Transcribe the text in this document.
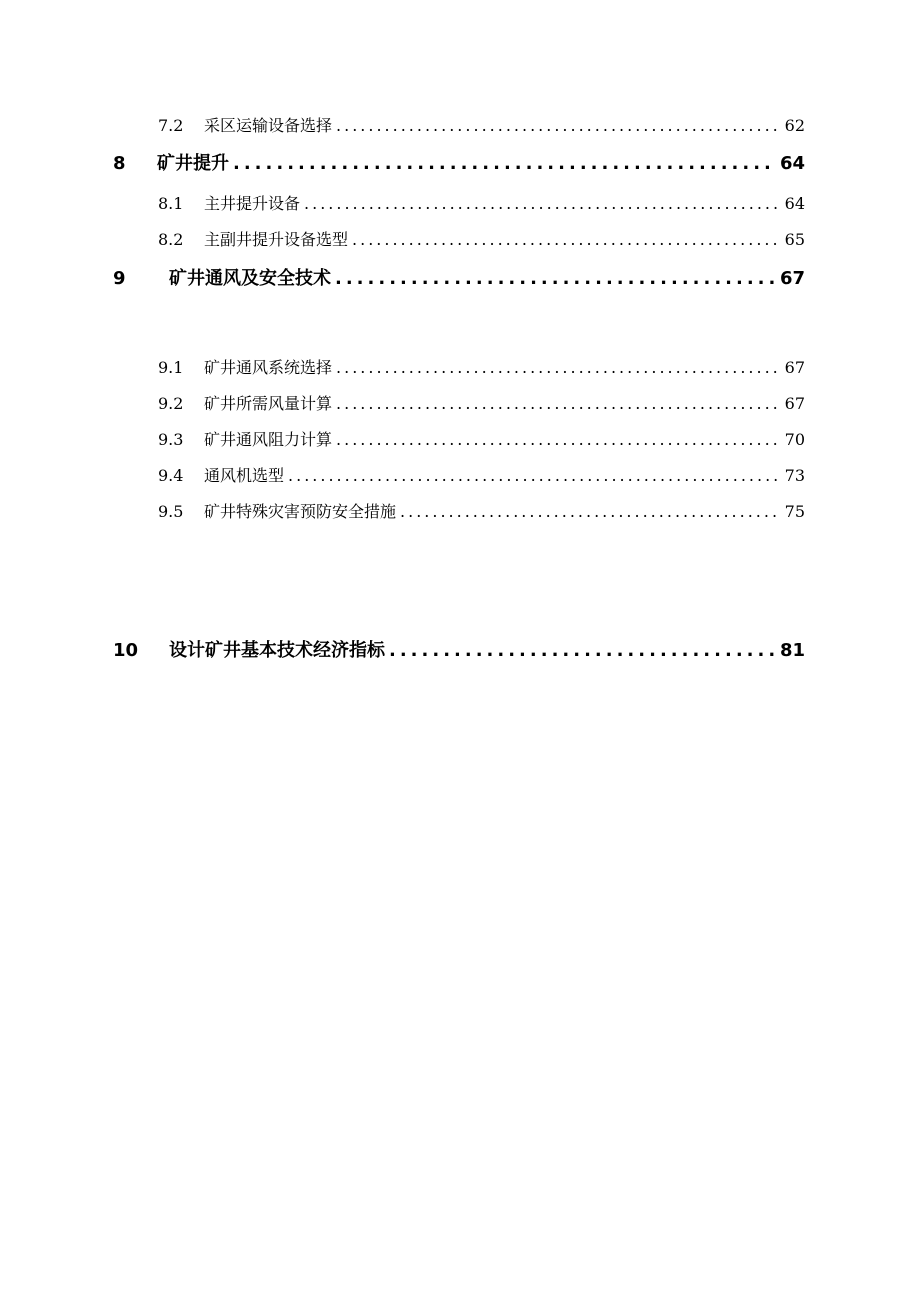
7.2	采区运输设备选择 .....	62
8	矿井提升 .....	64
8.1	主井提升设备 .....	64
8.2	主副井提升设备选型 .....	65
9	矿井通风及安全技术 .....	67
9.1	矿井通风系统选择 .....	67
9.2	矿井所需风量计算 .....	67
9.3	矿井通风阻力计算 .....	70
9.4	通风机选型 .....	73
9.5	矿井特殊灾害预防安全措施 .....	75
10	设计矿井基本技术经济指标 .....	81
